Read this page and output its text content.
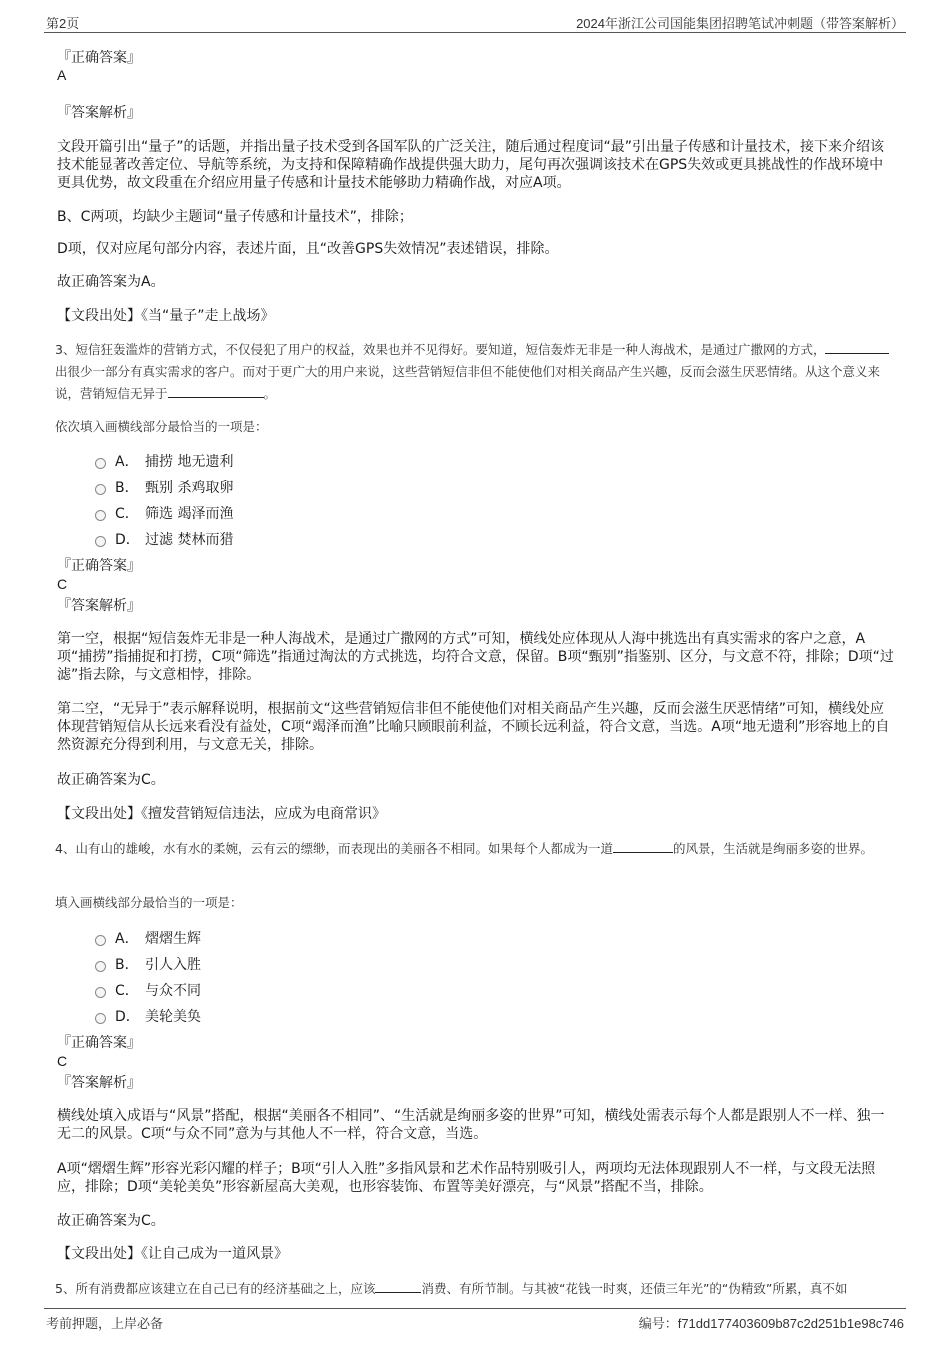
第2页	2024年浙江公司国能集团招聘笔试冲刺题（带答案解析）
『正确答案』
A
『答案解析』
文段开篇引出“量子”的话题，并指出量子技术受到各国军队的广泛关注，随后通过程度词“最”引出量子传感和计量技术，接下来介绍该技术能显著改善定位、导航等系统，为支持和保障精确作战提供强大助力，尾句再次强调该技术在GPS失效或更具挑战性的作战环境中更具优势，故文段重在介绍应用量子传感和计量技术能够助力精确作战，对应A项。
B、C两项，均缺少主题词“量子传感和计量技术”，排除；
D项，仅对应尾句部分内容，表述片面，且“改善GPS失效情况”表述错误，排除。
故正确答案为A。
【文段出处】《当“量子”走上战场》
3、短信狂轰滥炸的营销方式，不仅侵犯了用户的权益，效果也并不见得好。要知道，短信轰炸无非是一种人海战术，是通过广撒网的方式，出很少一部分有真实需求的客户。而对于更广大的用户来说，这些营销短信非但不能使他们对相关商品产生兴趣，反而会滋生厌恶情绪。从这个意义来说，营销短信无异于	。
依次填入画横线部分最恰当的一项是：
A． 捕捞 地无遗利
B． 甄别 杀鸡取卵
C． 筛选 竭泽而渔
D． 过滤 焚林而猎
『正确答案』
C
『答案解析』
第一空，根据“短信轰炸无非是一种人海战术，是通过广撒网的方式”可知，横线处应体现从人海中挑选出有真实需求的客户之意，A项“捕捞”指捕捉和打捞，C项“筛选”指通过淘汰的方式挑选，均符合文意，保留。B项“甄别”指鉴别、区分，与文意不符，排除；D项“过滤”指去除，与文意相悖，排除。
第二空，“无异于”表示解释说明，根据前文“这些营销短信非但不能使他们对相关商品产生兴趣，反而会滋生厌恶情绪”可知，横线处应体现营销短信从长远来看没有益处，C项“竭泽而渔”比喻只顾眼前利益，不顾长远利益，符合文意，当选。A项“地无遗利”形容地上的自然资源充分得到利用，与文意无关，排除。
故正确答案为C。
【文段出处】《擅发营销短信违法，应成为电商常识》
4、山有山的雄峻，水有水的柔婉，云有云的缥缈，而表现出的美丽各不相同。如果每个人都成为一道	的风景，生活就是绚丽多姿的世界。
填入画横线部分最恰当的一项是：
A． 熠熠生辉
B． 引人入胜
C． 与众不同
D． 美轮美奂
『正确答案』
C
『答案解析』
横线处填入成语与“风景”搭配，根据“美丽各不相同”、“生活就是绚丽多姿的世界”可知，横线处需表示每个人都是跟别人不一样、独一无二的风景。C项“与众不同”意为与其他人不一样，符合文意，当选。
A项“熠熠生辉”形容光彩闪耀的样子；B项“引人入胜”多指风景和艺术作品特别吸引人，两项均无法体现跟别人不一样，与文段无法照应，排除；D项“美轮美奂”形容新屋高大美观，也形容装饰、布置等美好漂亮，与“风景”搭配不当，排除。
故正确答案为C。
【文段出处】《让自己成为一道风景》
5、所有消费都应该建立在自己已有的经济基础之上，应该	消费、有所节制。与其被“花钱一时爽，还债三年光”的“伪精致”所累，真不如
考前押题，上岸必备	编号：f71dd177403609b87c2d251b1e98c746
